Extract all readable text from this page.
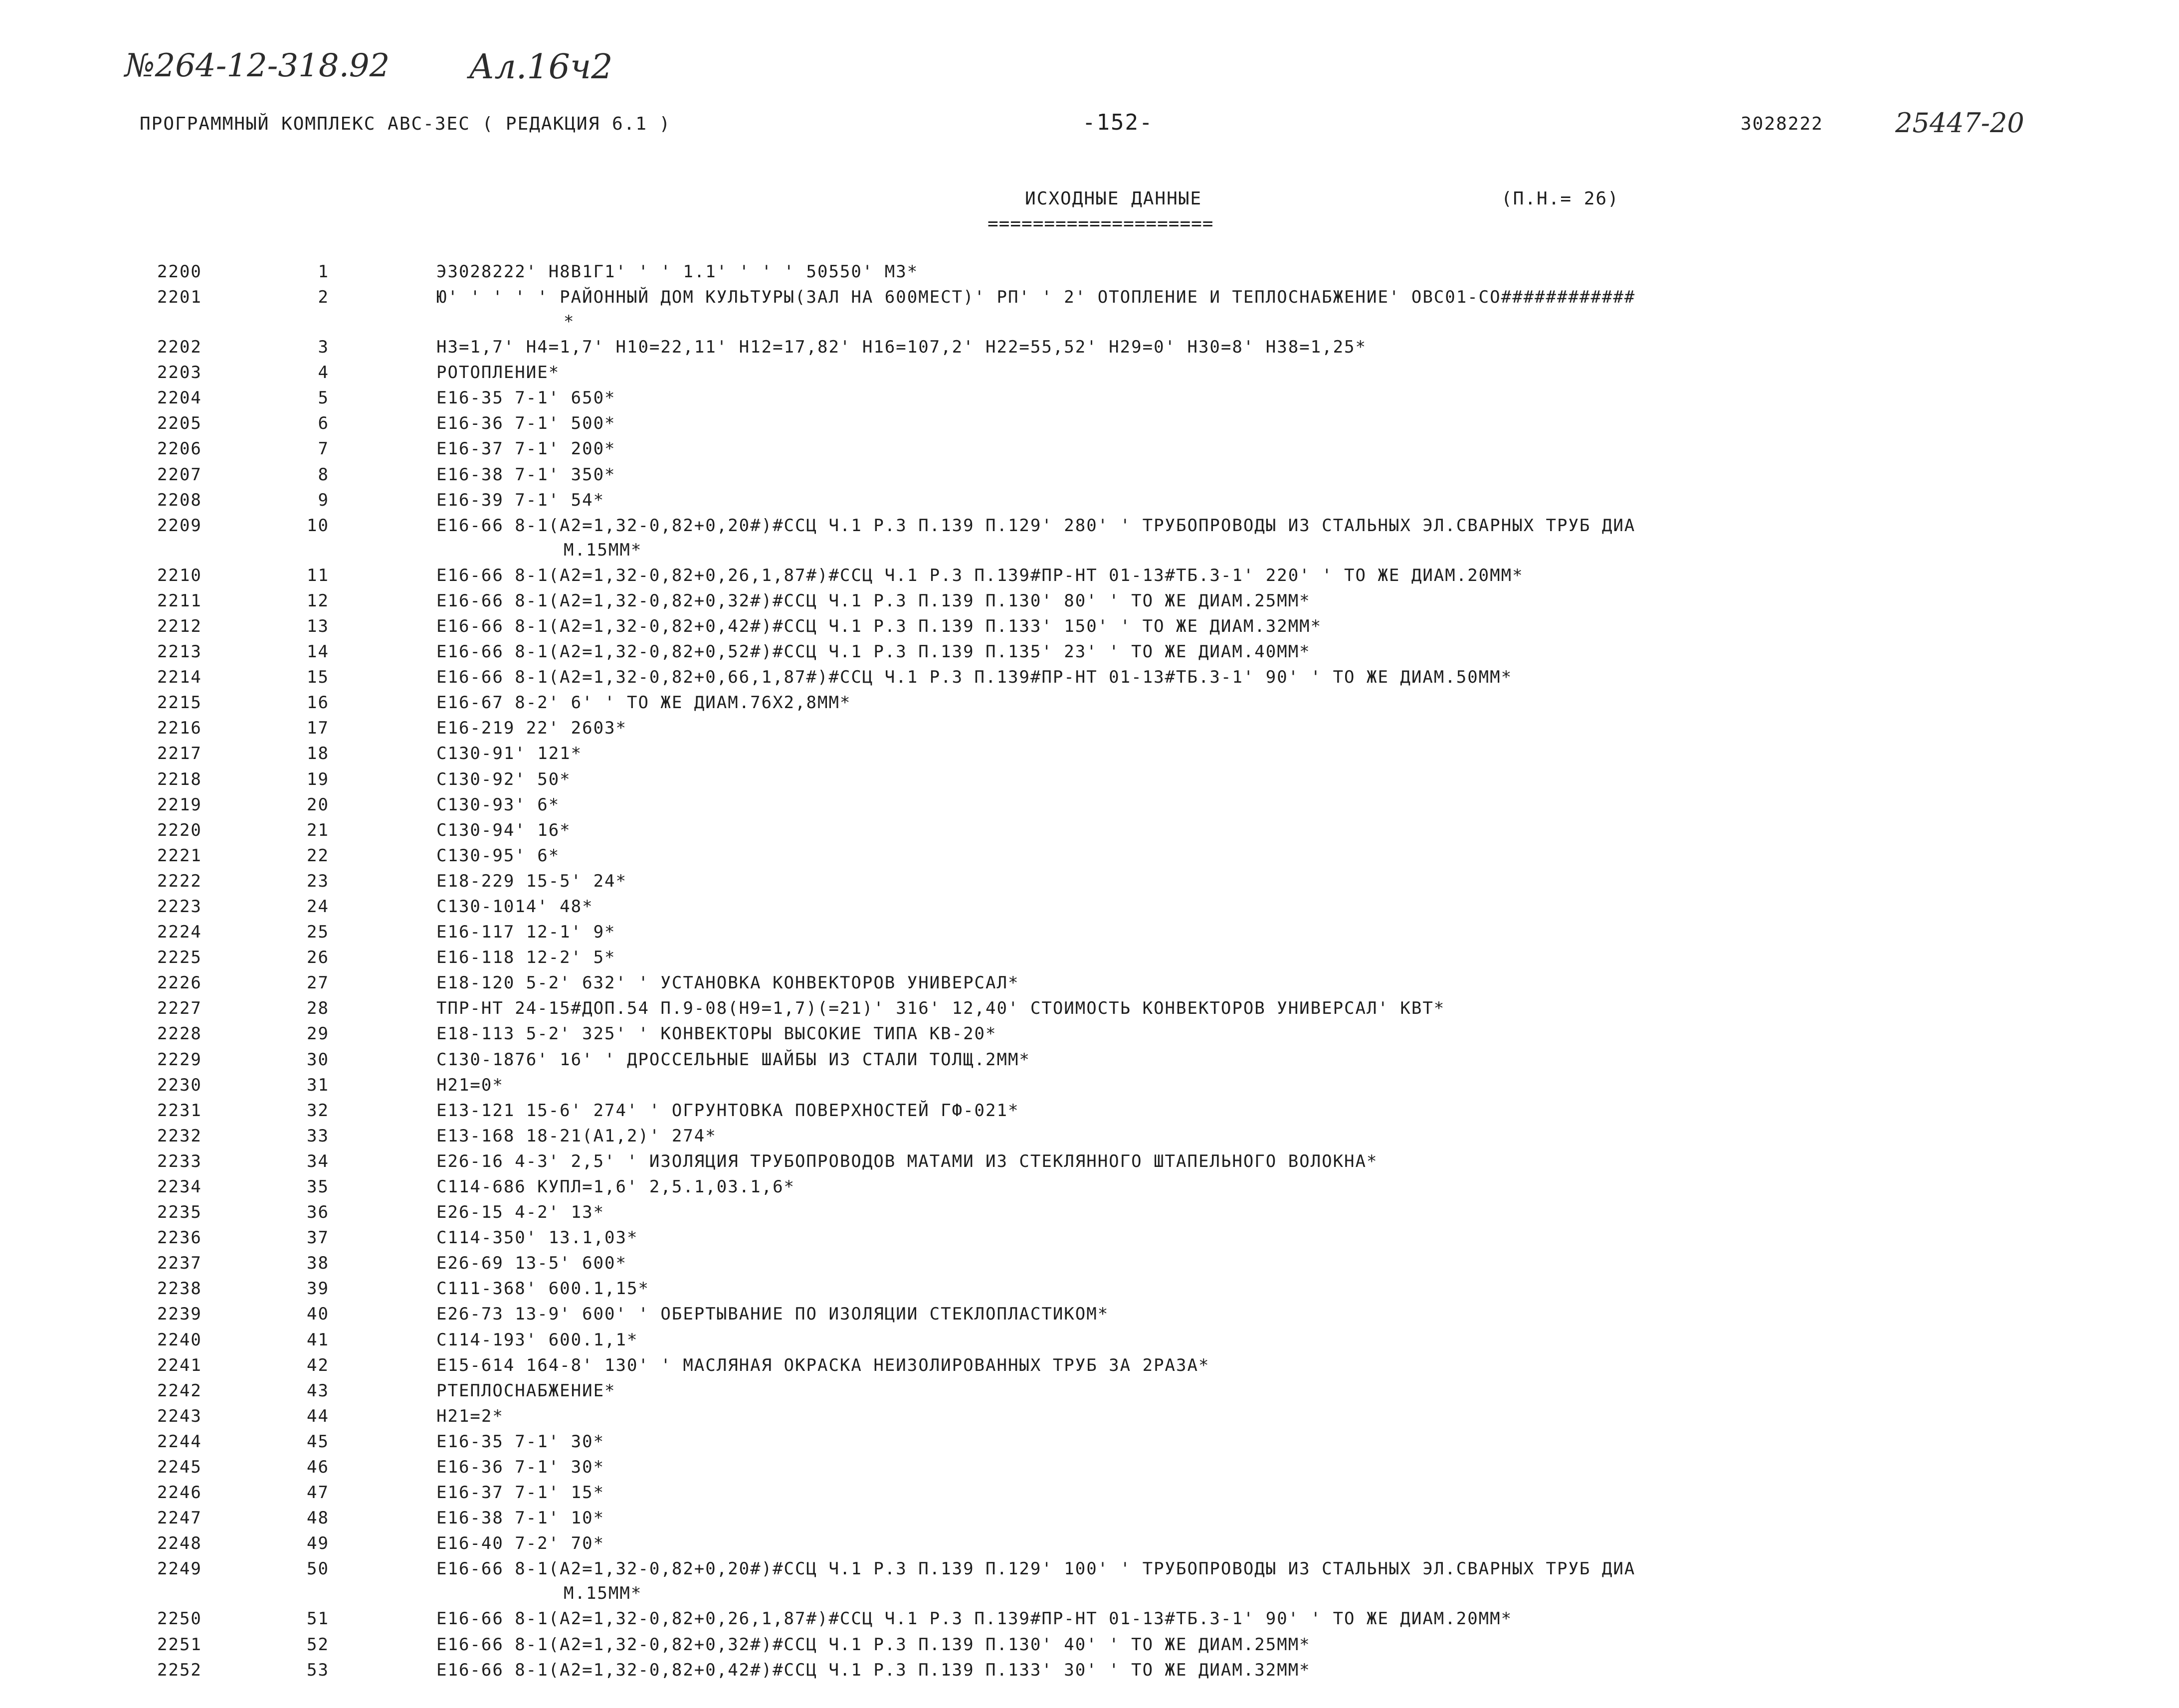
№264-12-318.92 Ал.16ч2
25447-20
ПРОГРАММНЫЙ КОМПЛЕКС АВС-3ЕС ( РЕДАКЦИЯ 6.1 )	-152-	3028222
ИСХОДНЫЕ ДАННЫЕ
====================
(П.Н.= 26)
2200	1	Э3028222' Н8В1Г1' ' ' 1.1' ' ' ' 50550' М3*
2201	2	Ю' ' ' ' ' РАЙОННЫЙ ДОМ КУЛЬТУРЫ(ЗАЛ НА 600МЕСТ)' РП' ' 2' ОТОПЛЕНИЕ И ТЕПЛОСНАБЖЕНИЕ' ОВС01-СО############
*
2202	3	Н3=1,7' Н4=1,7' Н10=22,11' Н12=17,82' Н16=107,2' Н22=55,52' Н29=0' Н30=8' Н38=1,25*
2203	4	РОТОПЛЕНИЕ*
2204	5	Е16-35 7-1' 650*
2205	6	Е16-36 7-1' 500*
2206	7	Е16-37 7-1' 200*
2207	8	Е16-38 7-1' 350*
2208	9	Е16-39 7-1' 54*
2209	10	Е16-66 8-1(А2=1,32-0,82+0,20#)#ССЦ Ч.1 Р.3 П.139 П.129' 280' ' ТРУБОПРОВОДЫ ИЗ СТАЛЬНЫХ ЭЛ.СВАРНЫХ ТРУБ ДИА
М.15ММ*
2210	11	Е16-66 8-1(А2=1,32-0,82+0,26,1,87#)#ССЦ Ч.1 Р.3 П.139#ПР-НТ 01-13#ТБ.3-1' 220' ' ТО ЖЕ ДИАМ.20ММ*
2211	12	Е16-66 8-1(А2=1,32-0,82+0,32#)#ССЦ Ч.1 Р.3 П.139 П.130' 80' ' ТО ЖЕ ДИАМ.25ММ*
2212	13	Е16-66 8-1(А2=1,32-0,82+0,42#)#ССЦ Ч.1 Р.3 П.139 П.133' 150' ' ТО ЖЕ ДИАМ.32ММ*
2213	14	Е16-66 8-1(А2=1,32-0,82+0,52#)#ССЦ Ч.1 Р.3 П.139 П.135' 23' ' ТО ЖЕ ДИАМ.40ММ*
2214	15	Е16-66 8-1(А2=1,32-0,82+0,66,1,87#)#ССЦ Ч.1 Р.3 П.139#ПР-НТ 01-13#ТБ.3-1' 90' ' ТО ЖЕ ДИАМ.50ММ*
2215	16	Е16-67 8-2' 6' ' ТО ЖЕ ДИАМ.76Х2,8ММ*
2216	17	Е16-219 22' 2603*
2217	18	С130-91' 121*
2218	19	С130-92' 50*
2219	20	С130-93' 6*
2220	21	С130-94' 16*
2221	22	С130-95' 6*
2222	23	Е18-229 15-5' 24*
2223	24	С130-1014' 48*
2224	25	Е16-117 12-1' 9*
2225	26	Е16-118 12-2' 5*
2226	27	Е18-120 5-2' 632' ' УСТАНОВКА КОНВЕКТОРОВ УНИВЕРСАЛ*
2227	28	ТПР-НТ 24-15#ДОП.54 П.9-08(Н9=1,7)(=21)' 316' 12,40' СТОИМОСТЬ КОНВЕКТОРОВ УНИВЕРСАЛ' КВТ*
2228	29	Е18-113 5-2' 325' ' КОНВЕКТОРЫ ВЫСОКИЕ ТИПА КВ-20*
2229	30	С130-1876' 16' ' ДРОССЕЛЬНЫЕ ШАЙБЫ ИЗ СТАЛИ ТОЛЩ.2ММ*
2230	31	Н21=0*
2231	32	Е13-121 15-6' 274' ' ОГРУНТОВКА ПОВЕРХНОСТЕЙ ГФ-021*
2232	33	Е13-168 18-21(А1,2)' 274*
2233	34	Е26-16 4-3' 2,5' ' ИЗОЛЯЦИЯ ТРУБОПРОВОДОВ МАТАМИ ИЗ СТЕКЛЯННОГО ШТАПЕЛЬНОГО ВОЛОКНА*
2234	35	С114-686 КУПЛ=1,6' 2,5.1,03.1,6*
2235	36	Е26-15 4-2' 13*
2236	37	С114-350' 13.1,03*
2237	38	Е26-69 13-5' 600*
2238	39	С111-368' 600.1,15*
2239	40	Е26-73 13-9' 600' ' ОБЕРТЫВАНИЕ ПО ИЗОЛЯЦИИ СТЕКЛОПЛАСТИКОМ*
2240	41	С114-193' 600.1,1*
2241	42	Е15-614 164-8' 130' ' МАСЛЯНАЯ ОКРАСКА НЕИЗОЛИРОВАННЫХ ТРУБ ЗА 2РАЗА*
2242	43	РТЕПЛОСНАБЖЕНИЕ*
2243	44	Н21=2*
2244	45	Е16-35 7-1' 30*
2245	46	Е16-36 7-1' 30*
2246	47	Е16-37 7-1' 15*
2247	48	Е16-38 7-1' 10*
2248	49	Е16-40 7-2' 70*
2249	50	Е16-66 8-1(А2=1,32-0,82+0,20#)#ССЦ Ч.1 Р.3 П.139 П.129' 100' ' ТРУБОПРОВОДЫ ИЗ СТАЛЬНЫХ ЭЛ.СВАРНЫХ ТРУБ ДИА
М.15ММ*
2250	51	Е16-66 8-1(А2=1,32-0,82+0,26,1,87#)#ССЦ Ч.1 Р.3 П.139#ПР-НТ 01-13#ТБ.3-1' 90' ' ТО ЖЕ ДИАМ.20ММ*
2251	52	Е16-66 8-1(А2=1,32-0,82+0,32#)#ССЦ Ч.1 Р.3 П.139 П.130' 40' ' ТО ЖЕ ДИАМ.25ММ*
2252	53	Е16-66 8-1(А2=1,32-0,82+0,42#)#ССЦ Ч.1 Р.3 П.139 П.133' 30' ' ТО ЖЕ ДИАМ.32ММ*
